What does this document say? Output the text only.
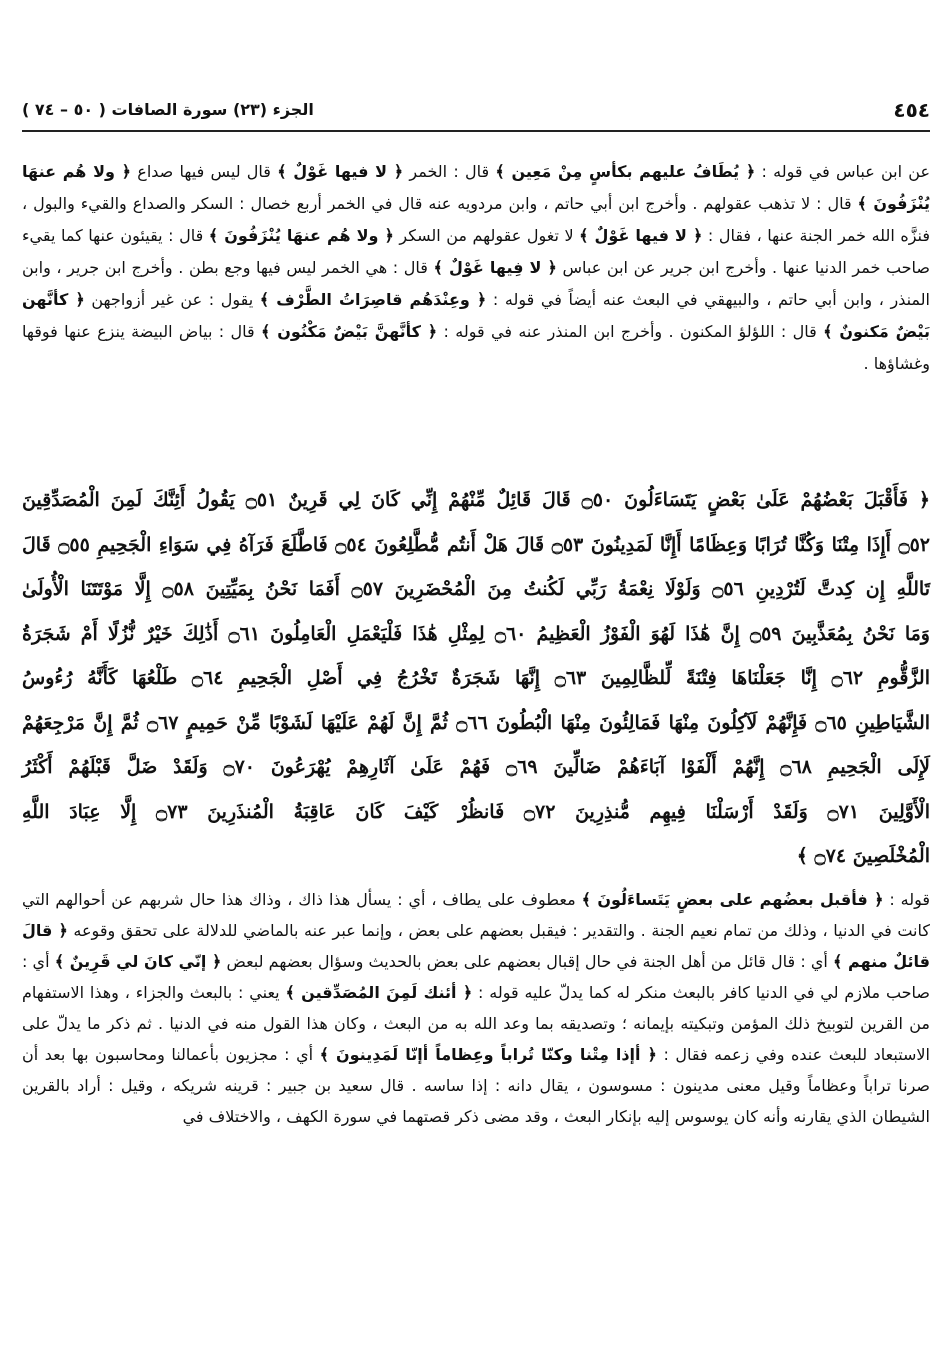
٤٥٤
الجزء (٢٣) سورة الصافات ( ٥٠ – ٧٤ )

عن ابن عباس في قوله : ﴿ يُطَافُ عليهم بكأسٍ مِنْ مَعِين ﴾ قال : الخمر ﴿ لا فيها غَوْلٌ ﴾ قال ليس فيها صداع ﴿ ولا هُم عنهَا يُنْزَفُونَ ﴾ قال : لا تذهب عقولهم . وأخرج ابن أبي حاتم ، وابن مردويه عنه قال في الخمر أربع خصال : السكر والصداع والقيء والبول ، فنزَّه الله خمر الجنة عنها ، فقال : ﴿ لا فيها غَوْلٌ ﴾ لا تغول عقولهم من السكر ﴿ ولا هُم عنهَا يُنْزَفُونَ ﴾ قال : يقيئون عنها كما يقيء صاحب خمر الدنيا عنها . وأخرج ابن جرير عن ابن عباس ﴿ لا فِيها غَوْلٌ ﴾ قال : هي الخمر ليس فيها وجع بطن . وأخرج ابن جرير ، وابن المنذر ، وابن أبي حاتم ، والبيهقي في البعث عنه أيضاً في قوله : ﴿ وعِنْدَهُم قاصِرَاتُ الطَّرْف ﴾ يقول : عن غير أزواجهن ﴿ كأنَّهن بَيْضٌ مَكنونٌ ﴾ قال : اللؤلؤ المكنون . وأخرج ابن المنذر عنه في قوله : ﴿ كأنَّهنَّ بَيْضٌ مَكْنُون ﴾ قال : بياض البيضة ينزع عنها فوقها وغشاؤها .

﴿ فَأَقْبَلَ بَعْضُهُمْ عَلَىٰ بَعْضٍ يَتَسَاءَلُونَ ۝٥٠ قَالَ قَائِلٌ مِّنْهُمْ إِنِّي كَانَ لِي قَرِينٌ ۝٥١ يَقُولُ أَئِنَّكَ لَمِنَ الْمُصَدِّقِينَ
۝٥٢ أَإِذَا مِتْنَا وَكُنَّا تُرَابًا وَعِظَامًا أَإِنَّا لَمَدِينُونَ ۝٥٣ قَالَ هَلْ أَنتُم مُّطَّلِعُونَ ۝٥٤ فَاطَّلَعَ فَرَآهُ فِي سَوَاءِ الْجَحِيمِ ۝٥٥ قَالَ
تَاللَّهِ إِن كِدتَّ لَتُرْدِينِ ۝٥٦ وَلَوْلَا نِعْمَةُ رَبِّي لَكُنتُ مِنَ الْمُحْضَرِينَ ۝٥٧ أَفَمَا نَحْنُ بِمَيِّتِينَ ۝٥٨ إِلَّا مَوْتَتَنَا الْأُولَىٰ
وَمَا نَحْنُ بِمُعَذَّبِينَ ۝٥٩ إِنَّ هَٰذَا لَهُوَ الْفَوْزُ الْعَظِيمُ ۝٦٠ لِمِثْلِ هَٰذَا فَلْيَعْمَلِ الْعَامِلُونَ ۝٦١ أَذَٰلِكَ خَيْرٌ نُّزُلًا أَمْ شَجَرَةُ
الزَّقُّومِ ۝٦٢ إِنَّا جَعَلْنَاهَا فِتْنَةً لِّلظَّالِمِينَ ۝٦٣ إِنَّهَا شَجَرَةٌ تَخْرُجُ فِي أَصْلِ الْجَحِيمِ ۝٦٤ طَلْعُهَا كَأَنَّهُ رُءُوسُ
الشَّيَاطِينِ ۝٦٥ فَإِنَّهُمْ لَآكِلُونَ مِنْهَا فَمَالِئُونَ مِنْهَا الْبُطُونَ ۝٦٦ ثُمَّ إِنَّ لَهُمْ عَلَيْهَا لَشَوْبًا مِّنْ حَمِيمٍ ۝٦٧ ثُمَّ إِنَّ مَرْجِعَهُمْ
لَإِلَى الْجَحِيمِ ۝٦٨ إِنَّهُمْ أَلْفَوْا آبَاءَهُمْ ضَالِّينَ ۝٦٩ فَهُمْ عَلَىٰ آثَارِهِمْ يُهْرَعُونَ ۝٧٠ وَلَقَدْ ضَلَّ قَبْلَهُمْ أَكْثَرُ
الْأَوَّلِينَ ۝٧١ وَلَقَدْ أَرْسَلْنَا فِيهِم مُّنذِرِينَ ۝٧٢ فَانظُرْ كَيْفَ كَانَ عَاقِبَةُ الْمُنذَرِينَ ۝٧٣ إِلَّا عِبَادَ اللَّهِ
الْمُخْلَصِينَ ۝٧٤ ﴾

قوله : ﴿ فأقبل بعضُهم على بعضٍ يَتَساءَلُونَ ﴾ معطوف على يطاف ، أي : يسأل هذا ذاك ، وذاك هذا حال شربهم عن أحوالهم التي كانت في الدنيا ، وذلك من تمام نعيم الجنة . والتقدير : فيقبل بعضهم على بعض ، وإنما عبر عنه بالماضي للدلالة على تحقق وقوعه ﴿ قالَ قائلٌ منهم ﴾ أي : قال قائل من أهل الجنة في حال إقبال بعضهم على بعض بالحديث وسؤال بعضهم لبعض ﴿ إنّي كانَ لي قَرِينٌ ﴾ أي : صاحب ملازم لي في الدنيا كافر بالبعث منكر له كما يدلّ عليه قوله : ﴿ أئنك لَمِنَ المُصَدِّقين ﴾ يعني : بالبعث والجزاء ، وهذا الاستفهام من القرين لتوبيخ ذلك المؤمن وتبكيته بإيمانه ؛ وتصديقه بما وعد الله به من البعث ، وكان هذا القول منه في الدنيا . ثم ذكر ما يدلّ على الاستبعاد للبعث عنده وفي زعمه فقال : ﴿ أإذا مِتْنا وكنّا تُراباً وعِظاماً أإنّا لَمَدِينونَ ﴾ أي : مجزيون بأعمالنا ومحاسبون بها بعد أن صرنا تراباً وعظاماً وقيل معنى مدينون : مسوسون ، يقال دانه : إذا ساسه . قال سعيد بن جبير : قرينه شريكه ، وقيل : أراد بالقرين الشيطان الذي يقارنه وأنه كان يوسوس إليه بإنكار البعث ، وقد مضى ذكر قصتهما في سورة الكهف ، والاختلاف في
